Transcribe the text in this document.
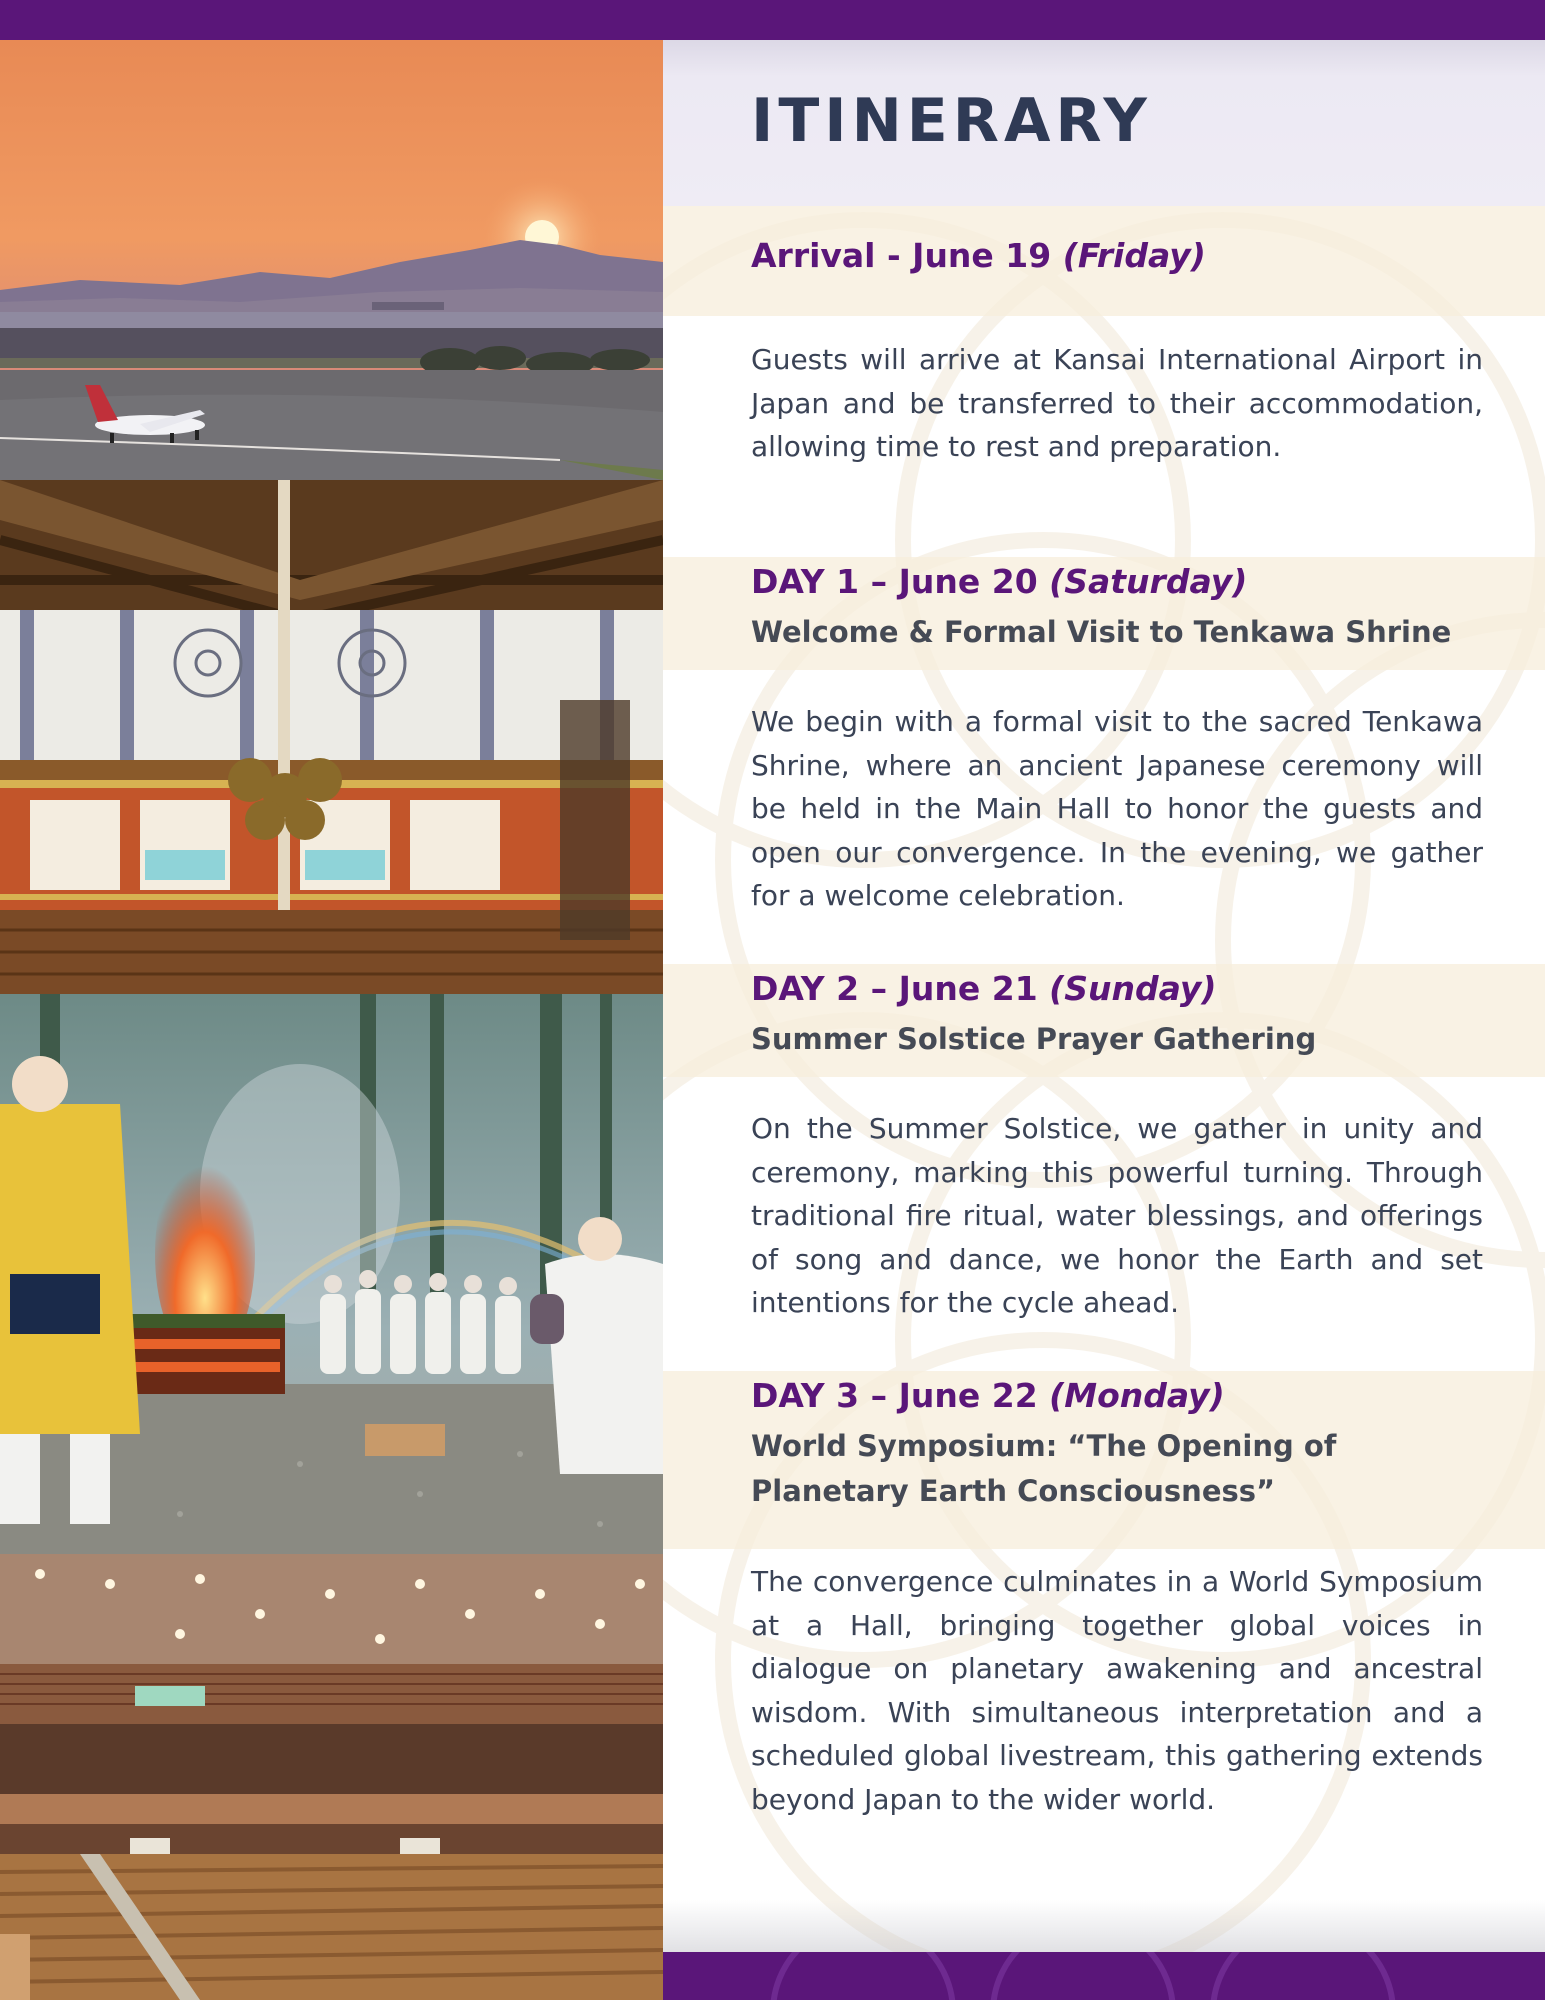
ITINERARY
Arrival - June 19 (Friday)

Guests will arrive at Kansai International Airport in Japan and be transferred to their accommodation, allowing time to rest and preparation.

DAY 1 – June 20 (Saturday)

Welcome & Formal Visit to Tenkawa Shrine

We begin with a formal visit to the sacred Tenkawa Shrine, where an ancient Japanese ceremony will be held in the Main Hall to honor the guests and open our convergence. In the evening, we gather for a welcome celebration.

DAY 2 – June 21 (Sunday)

Summer Solstice Prayer Gathering

On the Summer Solstice, we gather in unity and ceremony, marking this powerful turning. Through traditional fire ritual, water blessings, and offerings of song and dance, we honor the Earth and set intentions for the cycle ahead.

DAY 3 – June 22 (Monday)

World Symposium: “The Opening of Planetary Earth Consciousness”

The convergence culminates in a World Symposium at a Hall, bringing together global voices in dialogue on planetary awakening and ancestral wisdom. With simultaneous interpretation and a scheduled global livestream, this gathering extends beyond Japan to the wider world.
